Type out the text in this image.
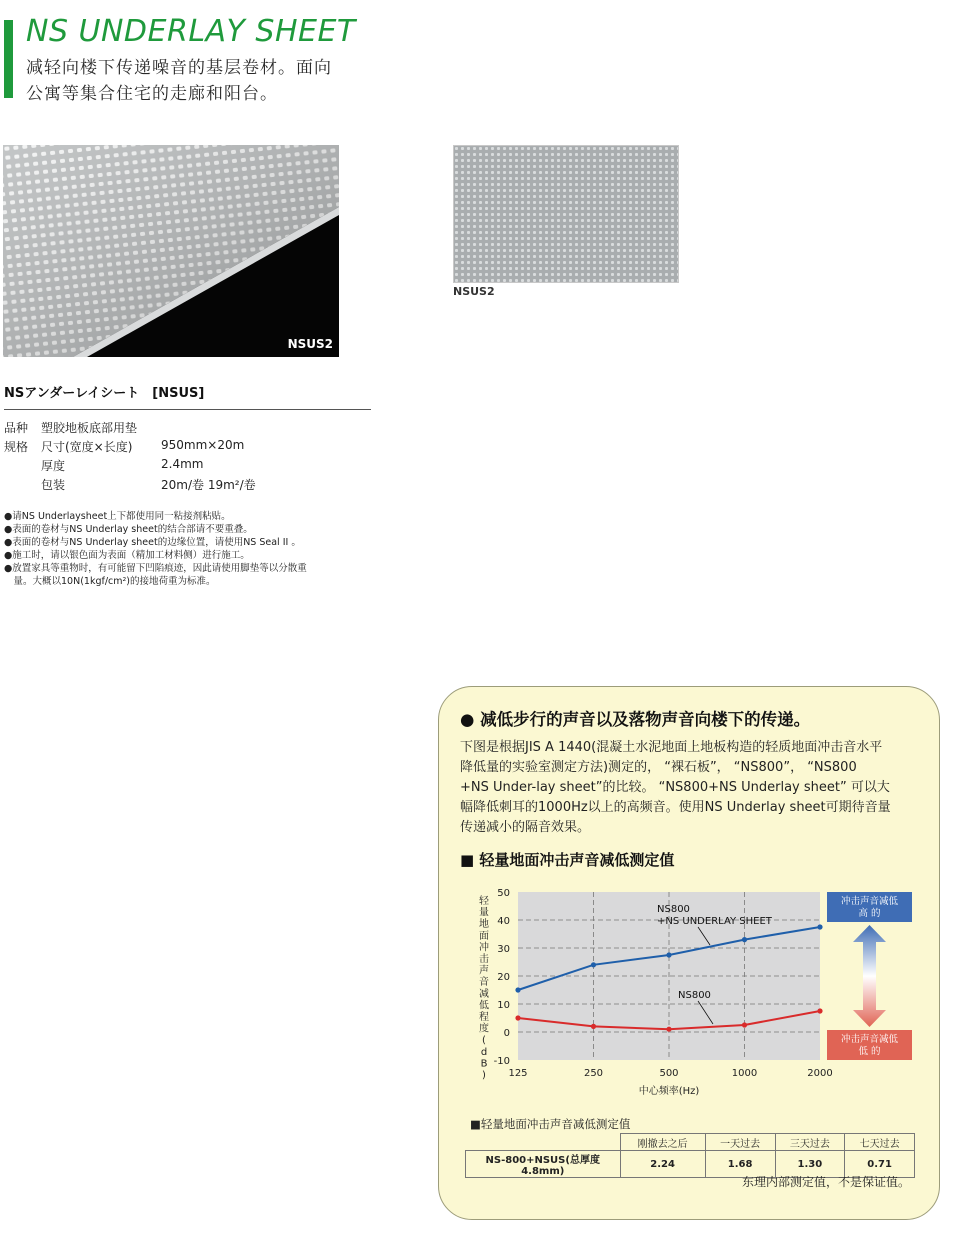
NS UNDERLAY SHEET
减轻向楼下传递噪音的基层卷材。面向
公寓等集合住宅的走廊和阳台。
NSUS2
NSUS2
NSアンダーレイシート　[NSUS]
品种 塑胶地板底部用垫
规格 尺寸(宽度×长度) 950mm×20m
厚度	2.4mm
包装	20m/卷 19m²/卷
●请NS Underlaysheet上下都使用同一粘接剂粘贴。
●表面的卷材与NS Underlay sheet的结合部请不要重叠。
●表面的卷材与NS Underlay sheet的边缘位置，请使用NS Seal II 。
●施工时，请以银色面为表面（精加工材料侧）进行施工。
●放置家具等重物时，有可能留下凹陷痕迹，因此请使用脚垫等以分散重
　量。大概以10N(1kgf/cm²)的接地荷重为标准。
● 减低步行的声音以及落物声音向楼下的传递。
下图是根据JIS A 1440(混凝土水泥地面上地板构造的轻质地面冲击音水平
降低量的实验室测定方法)测定的， “裸石板”， “NS800”， “NS800
+NS Under-lay sheet”的比较。 “NS800+NS Underlay sheet” 可以大
幅降低刺耳的1000Hz以上的高频音。使用NS Underlay sheet可期待音量
传递减小的隔音效果。
■ 轻量地面冲击声音减低测定值
50
40
30
20
10
0
-10
125	250	500	1000	2000
中心频率(Hz)
轻
量
地
面
冲
击
声
音
减
低
程
度
(
d
B
)
NS800
+NS UNDERLAY SHEET
NS800
冲击声音减低
高 的
冲击声音减低
低 的
■轻量地面冲击声音减低测定值
	刚撤去之后	一天过去	三天过去	七天过去
NS-800+NSUS(总厚度4.8mm)	2.24	1.68	1.30	0.71
东理内部测定值，不是保证值。
